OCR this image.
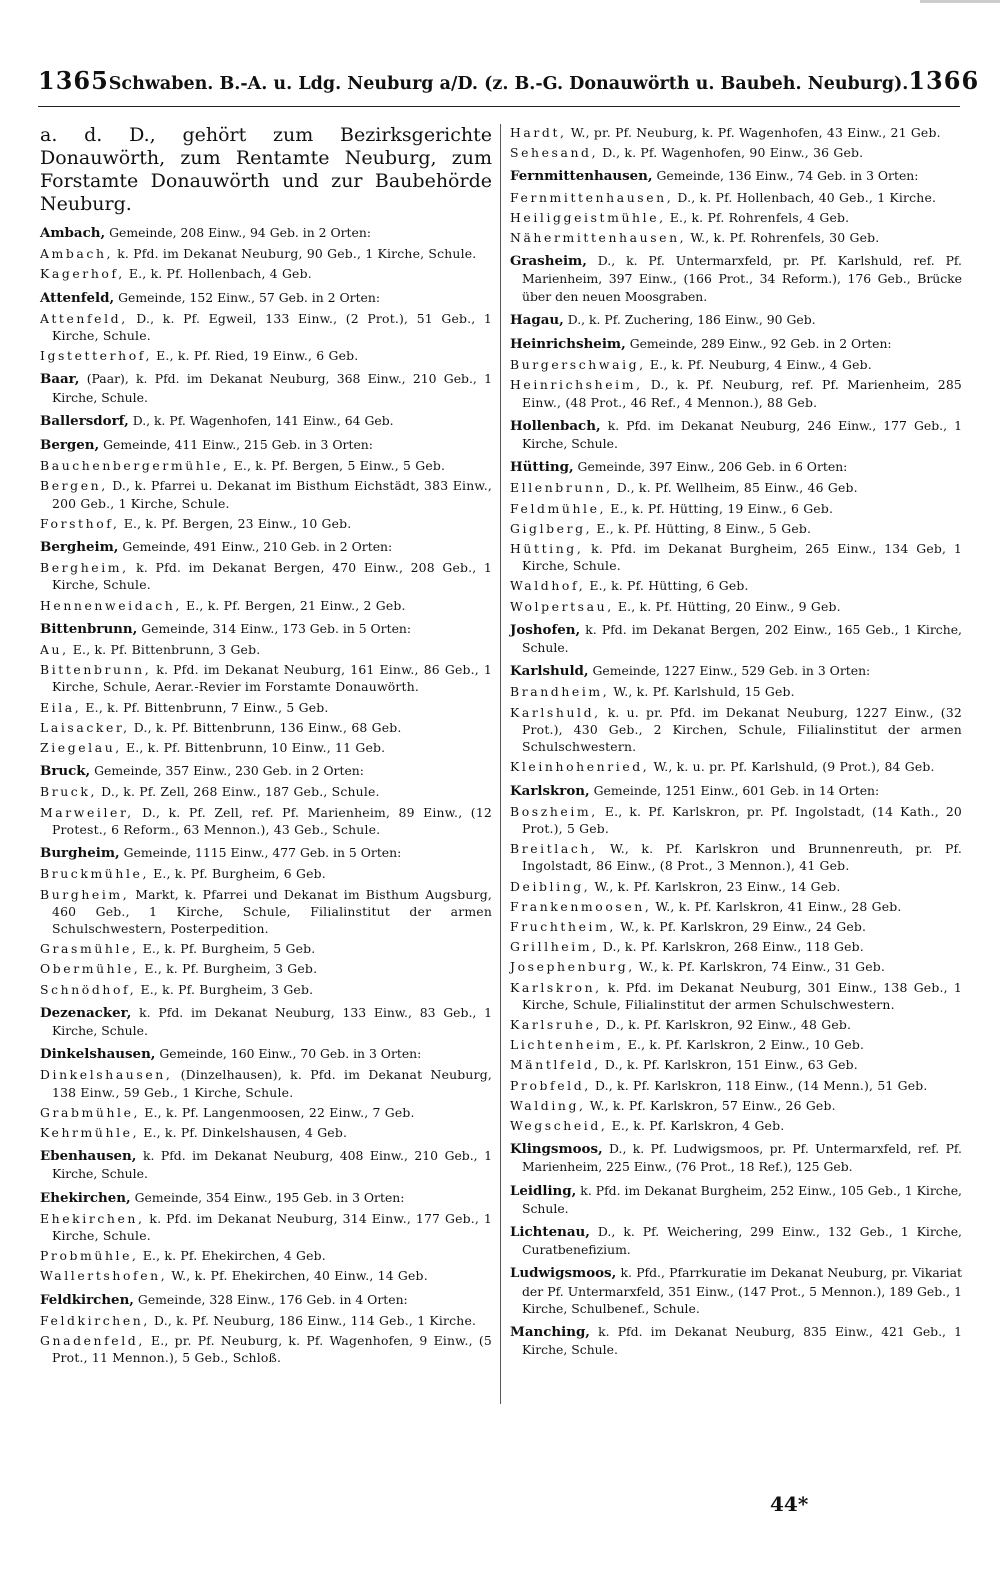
1365 Schwaben. B.-A. u. Ldg. Neuburg a/D. (z. B.-G. Donauwörth u. Baubeh. Neuburg). 1366

a. d. D., gehört zum Bezirksgerichte Donauwörth, zum Rentamte Neuburg, zum Forstamte Donauwörth und zur Baubehörde Neuburg.

Ambach, Gemeinde, 208 Einw., 94 Geb. in 2 Orten:

Ambach, k. Pfd. im Dekanat Neuburg, 90 Geb., 1 Kirche, Schule.

Kagerhof, E., k. Pf. Hollenbach, 4 Geb.

Attenfeld, Gemeinde, 152 Einw., 57 Geb. in 2 Orten:

Attenfeld, D., k. Pf. Egweil, 133 Einw., (2 Prot.), 51 Geb., 1 Kirche, Schule.

Igstetterhof, E., k. Pf. Ried, 19 Einw., 6 Geb.

Baar, (Paar), k. Pfd. im Dekanat Neuburg, 368 Einw., 210 Geb., 1 Kirche, Schule.

Ballersdorf, D., k. Pf. Wagenhofen, 141 Einw., 64 Geb.

Bergen, Gemeinde, 411 Einw., 215 Geb. in 3 Orten:

Bauchenbergermühle, E., k. Pf. Bergen, 5 Einw., 5 Geb.

Bergen, D., k. Pfarrei u. Dekanat im Bisthum Eichstädt, 383 Einw., 200 Geb., 1 Kirche, Schule.

Forsthof, E., k. Pf. Bergen, 23 Einw., 10 Geb.

Bergheim, Gemeinde, 491 Einw., 210 Geb. in 2 Orten:

Bergheim, k. Pfd. im Dekanat Bergen, 470 Einw., 208 Geb., 1 Kirche, Schule.

Hennenweidach, E., k. Pf. Bergen, 21 Einw., 2 Geb.

Bittenbrunn, Gemeinde, 314 Einw., 173 Geb. in 5 Orten:

Au, E., k. Pf. Bittenbrunn, 3 Geb.

Bittenbrunn, k. Pfd. im Dekanat Neuburg, 161 Einw., 86 Geb., 1 Kirche, Schule, Aerar.-Revier im Forstamte Donauwörth.

Eila, E., k. Pf. Bittenbrunn, 7 Einw., 5 Geb.

Laisacker, D., k. Pf. Bittenbrunn, 136 Einw., 68 Geb.

Ziegelau, E., k. Pf. Bittenbrunn, 10 Einw., 11 Geb.

Bruck, Gemeinde, 357 Einw., 230 Geb. in 2 Orten:

Bruck, D., k. Pf. Zell, 268 Einw., 187 Geb., Schule.

Marweiler, D., k. Pf. Zell, ref. Pf. Marienheim, 89 Einw., (12 Protest., 6 Reform., 63 Mennon.), 43 Geb., Schule.

Burgheim, Gemeinde, 1115 Einw., 477 Geb. in 5 Orten:

Bruckmühle, E., k. Pf. Burgheim, 6 Geb.

Burgheim, Markt, k. Pfarrei und Dekanat im Bisthum Augsburg, 460 Geb., 1 Kirche, Schule, Filialinstitut der armen Schulschwestern, Posterpedition.

Grasmühle, E., k. Pf. Burgheim, 5 Geb.

Obermühle, E., k. Pf. Burgheim, 3 Geb.

Schnödhof, E., k. Pf. Burgheim, 3 Geb.

Dezenacker, k. Pfd. im Dekanat Neuburg, 133 Einw., 83 Geb., 1 Kirche, Schule.

Dinkelshausen, Gemeinde, 160 Einw., 70 Geb. in 3 Orten:

Dinkelshausen, (Dinzelhausen), k. Pfd. im Dekanat Neuburg, 138 Einw., 59 Geb., 1 Kirche, Schule.

Grabmühle, E., k. Pf. Langenmoosen, 22 Einw., 7 Geb.

Kehrmühle, E., k. Pf. Dinkelshausen, 4 Geb.

Ebenhausen, k. Pfd. im Dekanat Neuburg, 408 Einw., 210 Geb., 1 Kirche, Schule.

Ehekirchen, Gemeinde, 354 Einw., 195 Geb. in 3 Orten:

Ehekirchen, k. Pfd. im Dekanat Neuburg, 314 Einw., 177 Geb., 1 Kirche, Schule.

Probmühle, E., k. Pf. Ehekirchen, 4 Geb.

Wallertshofen, W., k. Pf. Ehekirchen, 40 Einw., 14 Geb.

Feldkirchen, Gemeinde, 328 Einw., 176 Geb. in 4 Orten:

Feldkirchen, D., k. Pf. Neuburg, 186 Einw., 114 Geb., 1 Kirche.

Gnadenfeld, E., pr. Pf. Neuburg, k. Pf. Wagenhofen, 9 Einw., (5 Prot., 11 Mennon.), 5 Geb., Schloß.

Hardt, W., pr. Pf. Neuburg, k. Pf. Wagenhofen, 43 Einw., 21 Geb.

Sehesand, D., k. Pf. Wagenhofen, 90 Einw., 36 Geb.

Fernmittenhausen, Gemeinde, 136 Einw., 74 Geb. in 3 Orten:

Fernmittenhausen, D., k. Pf. Hollenbach, 40 Geb., 1 Kirche.

Heiliggeistmühle, E., k. Pf. Rohrenfels, 4 Geb.

Nähermittenhausen, W., k. Pf. Rohrenfels, 30 Geb.

Grasheim, D., k. Pf. Untermarxfeld, pr. Pf. Karlshuld, ref. Pf. Marienheim, 397 Einw., (166 Prot., 34 Reform.), 176 Geb., Brücke über den neuen Moosgraben.

Hagau, D., k. Pf. Zuchering, 186 Einw., 90 Geb.

Heinrichsheim, Gemeinde, 289 Einw., 92 Geb. in 2 Orten:

Burgerschwaig, E., k. Pf. Neuburg, 4 Einw., 4 Geb.

Heinrichsheim, D., k. Pf. Neuburg, ref. Pf. Marienheim, 285 Einw., (48 Prot., 46 Ref., 4 Mennon.), 88 Geb.

Hollenbach, k. Pfd. im Dekanat Neuburg, 246 Einw., 177 Geb., 1 Kirche, Schule.

Hütting, Gemeinde, 397 Einw., 206 Geb. in 6 Orten:

Ellenbrunn, D., k. Pf. Wellheim, 85 Einw., 46 Geb.

Feldmühle, E., k. Pf. Hütting, 19 Einw., 6 Geb.

Giglberg, E., k. Pf. Hütting, 8 Einw., 5 Geb.

Hütting, k. Pfd. im Dekanat Burgheim, 265 Einw., 134 Geb, 1 Kirche, Schule.

Waldhof, E., k. Pf. Hütting, 6 Geb.

Wolpertsau, E., k. Pf. Hütting, 20 Einw., 9 Geb.

Joshofen, k. Pfd. im Dekanat Bergen, 202 Einw., 165 Geb., 1 Kirche, Schule.

Karlshuld, Gemeinde, 1227 Einw., 529 Geb. in 3 Orten:

Brandheim, W., k. Pf. Karlshuld, 15 Geb.

Karlshuld, k. u. pr. Pfd. im Dekanat Neuburg, 1227 Einw., (32 Prot.), 430 Geb., 2 Kirchen, Schule, Filialinstitut der armen Schulschwestern.

Kleinhohenried, W., k. u. pr. Pf. Karlshuld, (9 Prot.), 84 Geb.

Karlskron, Gemeinde, 1251 Einw., 601 Geb. in 14 Orten:

Boszheim, E., k. Pf. Karlskron, pr. Pf. Ingolstadt, (14 Kath., 20 Prot.), 5 Geb.

Breitlach, W., k. Pf. Karlskron und Brunnenreuth, pr. Pf. Ingolstadt, 86 Einw., (8 Prot., 3 Mennon.), 41 Geb.

Deibling, W., k. Pf. Karlskron, 23 Einw., 14 Geb.

Frankenmoosen, W., k. Pf. Karlskron, 41 Einw., 28 Geb.

Fruchtheim, W., k. Pf. Karlskron, 29 Einw., 24 Geb.

Grillheim, D., k. Pf. Karlskron, 268 Einw., 118 Geb.

Josephenburg, W., k. Pf. Karlskron, 74 Einw., 31 Geb.

Karlskron, k. Pfd. im Dekanat Neuburg, 301 Einw., 138 Geb., 1 Kirche, Schule, Filialinstitut der armen Schulschwestern.

Karlsruhe, D., k. Pf. Karlskron, 92 Einw., 48 Geb.

Lichtenheim, E., k. Pf. Karlskron, 2 Einw., 10 Geb.

Mäntlfeld, D., k. Pf. Karlskron, 151 Einw., 63 Geb.

Probfeld, D., k. Pf. Karlskron, 118 Einw., (14 Menn.), 51 Geb.

Walding, W., k. Pf. Karlskron, 57 Einw., 26 Geb.

Wegscheid, E., k. Pf. Karlskron, 4 Geb.

Klingsmoos, D., k. Pf. Ludwigsmoos, pr. Pf. Untermarxfeld, ref. Pf. Marienheim, 225 Einw., (76 Prot., 18 Ref.), 125 Geb.

Leidling, k. Pfd. im Dekanat Burgheim, 252 Einw., 105 Geb., 1 Kirche, Schule.

Lichtenau, D., k. Pf. Weichering, 299 Einw., 132 Geb., 1 Kirche, Curatbenefizium.

Ludwigsmoos, k. Pfd., Pfarrkuratie im Dekanat Neuburg, pr. Vikariat der Pf. Untermarxfeld, 351 Einw., (147 Prot., 5 Mennon.), 189 Geb., 1 Kirche, Schulbenef., Schule.

Manching, k. Pfd. im Dekanat Neuburg, 835 Einw., 421 Geb., 1 Kirche, Schule.

44*
